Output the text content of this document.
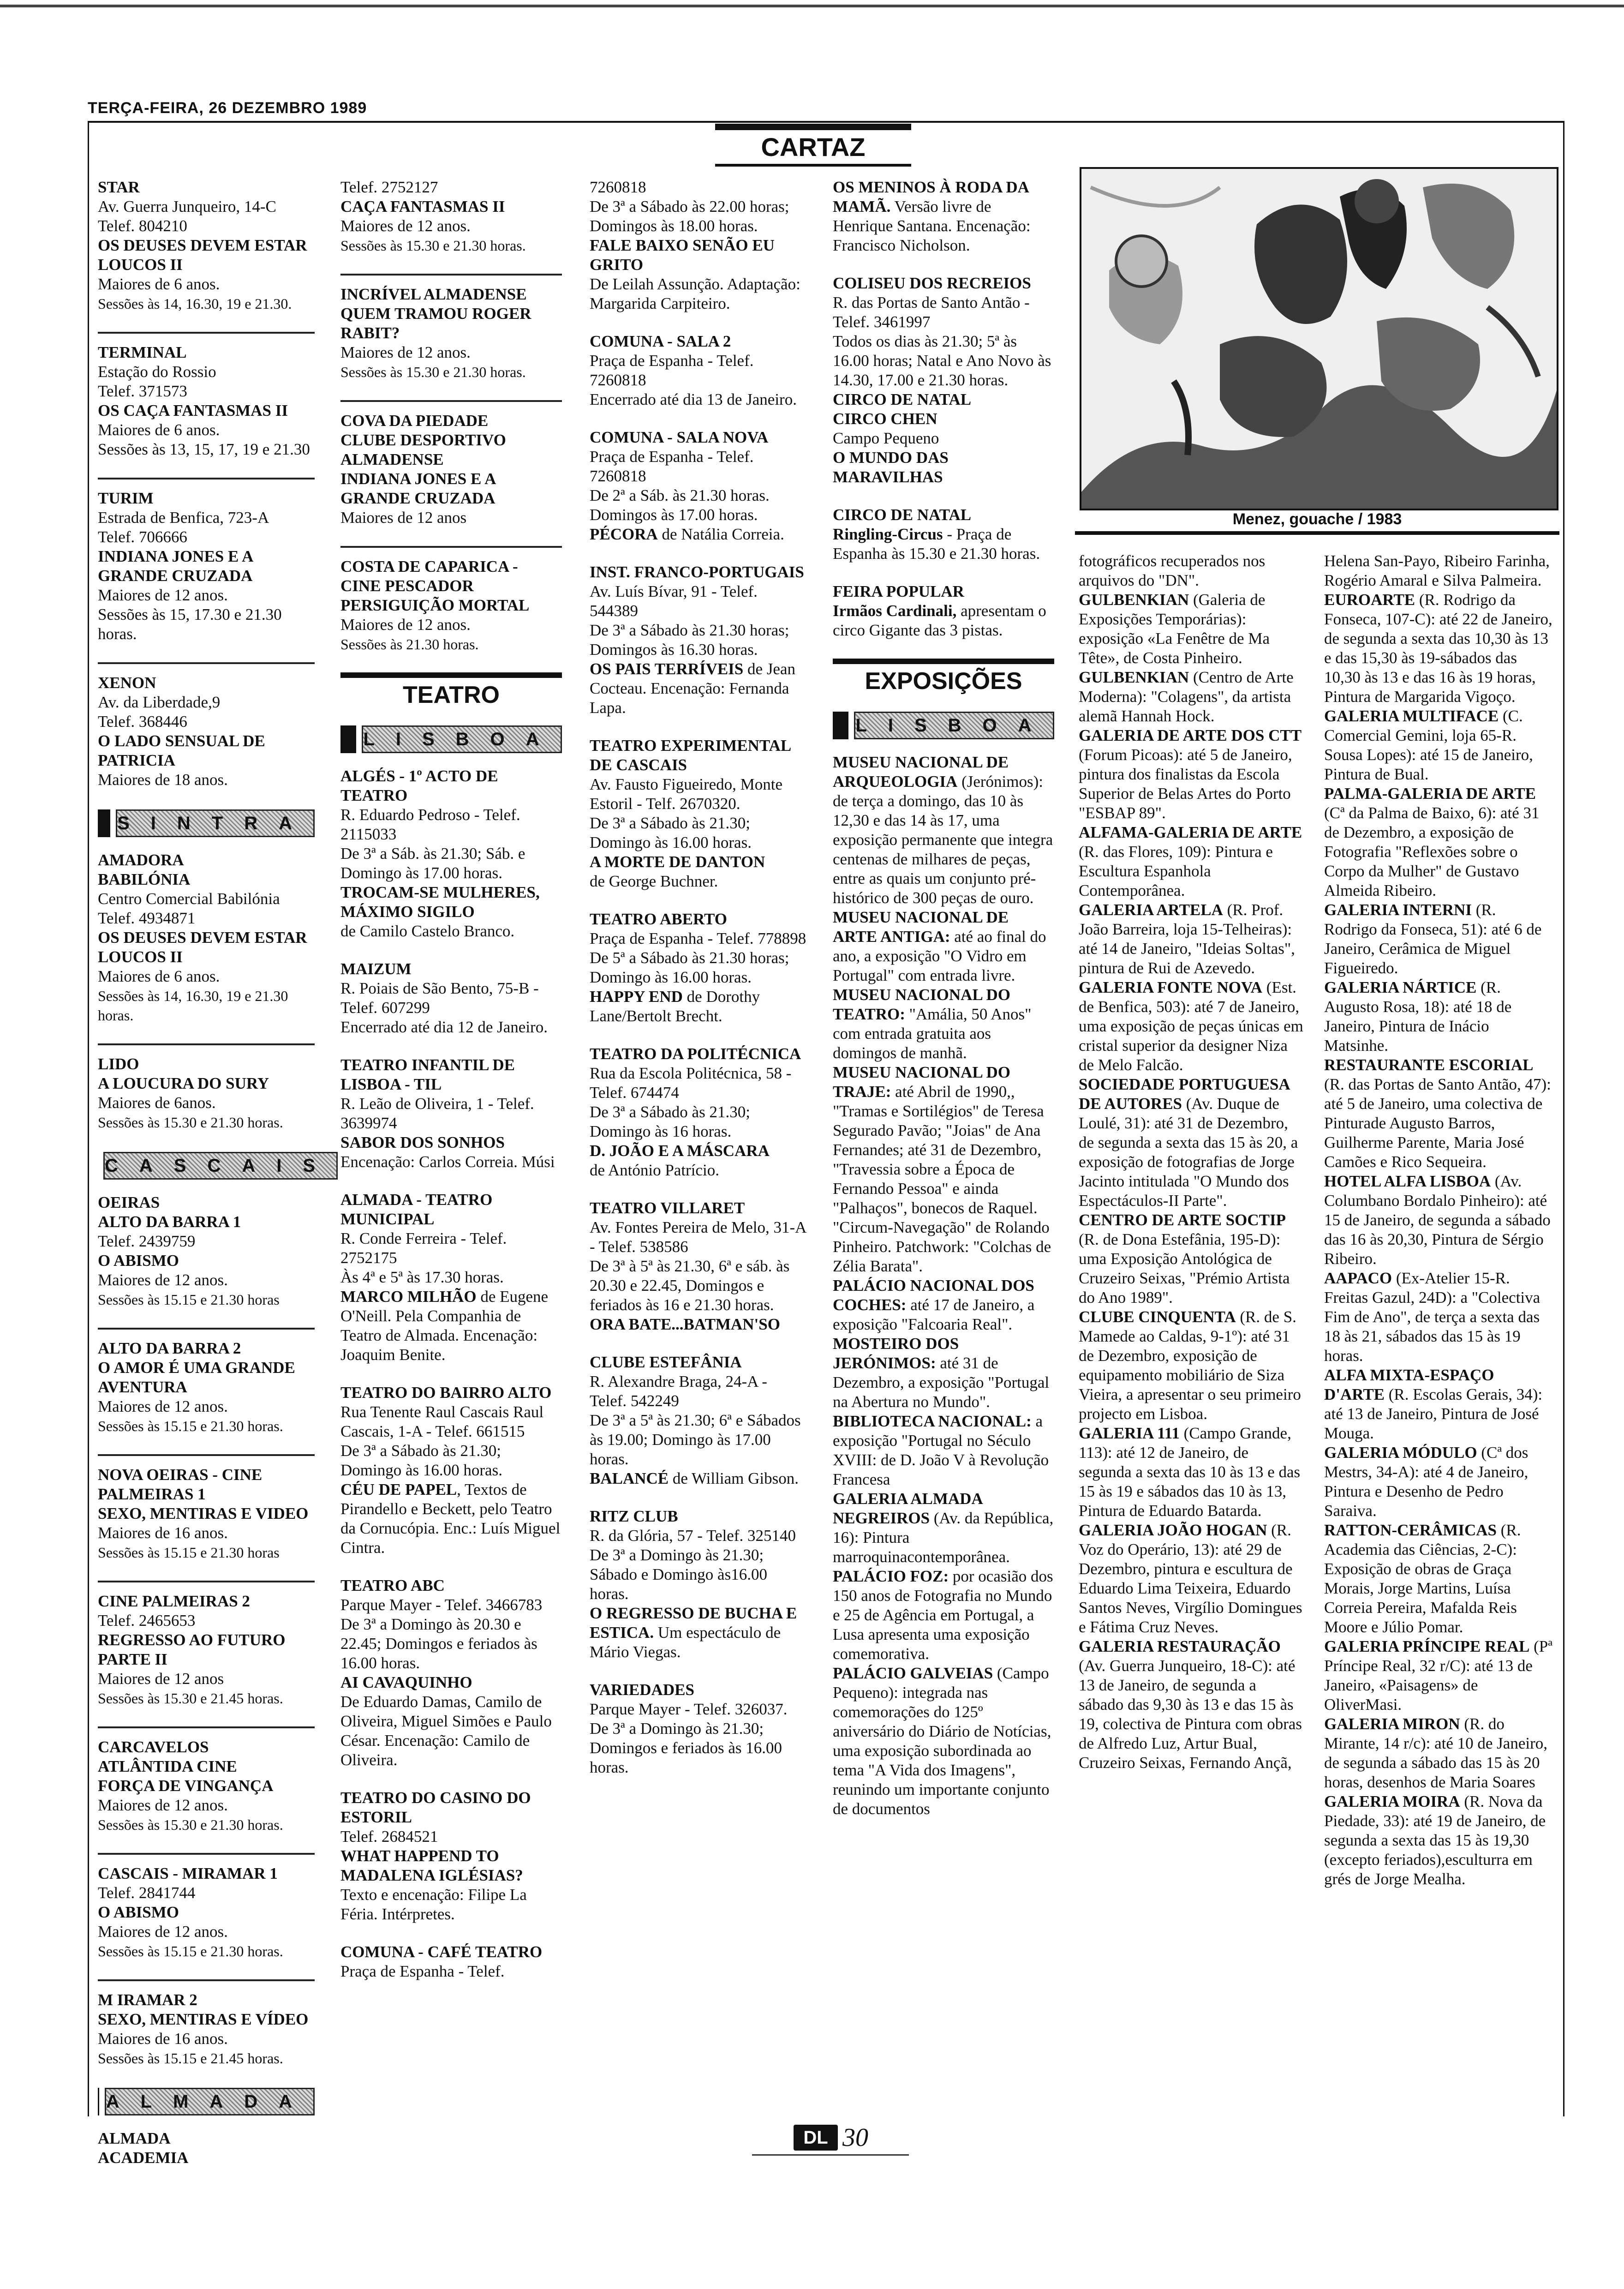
TERÇA-FEIRA, 26 DEZEMBRO 1989
CARTAZ

STAR
Av. Guerra Junqueiro, 14-C
Telef. 804210
OS DEUSES DEVEM ESTAR LOUCOS II
Maiores de 6 anos.
Sessões às 14, 16.30, 19 e 21.30.

TERMINAL
Estação do Rossio
Telef. 371573
OS CAÇA FANTASMAS II
Maiores de 6 anos.
Sessões às 13, 15, 17, 19 e 21.30

TURIM
Estrada de Benfica, 723-A
Telef. 706666
INDIANA JONES E A GRANDE CRUZADA
Maiores de 12 anos.
Sessões às 15, 17.30 e 21.30 horas.

XENON
Av. da Liberdade,9
Telef. 368446
O LADO SENSUAL DE PATRICIA
Maiores de 18 anos.

SINTRA

AMADORA
BABILÓNIA
Centro Comercial Babilónia
Telef. 4934871
OS DEUSES DEVEM ESTAR LOUCOS II
Maiores de 6 anos.
Sessões às 14, 16.30, 19 e 21.30 horas.

LIDO
A LOUCURA DO SURY
Maiores de 6anos.
Sessões às 15.30 e 21.30 horas.

CASCAIS

OEIRAS
ALTO DA BARRA 1
Telef. 2439759
O ABISMO
Maiores de 12 anos.
Sessões às 15.15 e 21.30 horas

ALTO DA BARRA 2
O AMOR É UMA GRANDE AVENTURA
Maiores de 12 anos.
Sessões às 15.15 e 21.30 horas.

NOVA OEIRAS - CINE PALMEIRAS 1
SEXO, MENTIRAS E VIDEO
Maiores de 16 anos.
Sessões às 15.15 e 21.30 horas

CINE PALMEIRAS 2
Telef. 2465653
REGRESSO AO FUTURO PARTE II
Maiores de 12 anos
Sessões às 15.30 e 21.45 horas.

CARCAVELOS
ATLÂNTIDA CINE
FORÇA DE VINGANÇA
Maiores de 12 anos.
Sessões às 15.30 e 21.30 horas.

CASCAIS - MIRAMAR 1
Telef. 2841744
O ABISMO
Maiores de 12 anos.
Sessões às 15.15 e 21.30 horas.

M IRAMAR 2
SEXO, MENTIRAS E VÍDEO
Maiores de 16 anos.
Sessões às 15.15 e 21.45 horas.

ALMADA

ALMADA
ACADEMIA

Telef. 2752127
CAÇA FANTASMAS II
Maiores de 12 anos.
Sessões às 15.30 e 21.30 horas.

INCRÍVEL ALMADENSE
QUEM TRAMOU ROGER RABIT?
Maiores de 12 anos.
Sessões às 15.30 e 21.30 horas.

COVA DA PIEDADE
CLUBE DESPORTIVO ALMADENSE
INDIANA JONES E A GRANDE CRUZADA
Maiores de 12 anos

COSTA DE CAPARICA - CINE PESCADOR
PERSIGUIÇÃO MORTAL
Maiores de 12 anos.
Sessões às 21.30 horas.

TEATRO
LISBOA

ALGÉS - 1º ACTO DE TEATRO
R. Eduardo Pedroso - Telef. 2115033
De 3ª a Sáb. às 21.30; Sáb. e Domingo às 17.00 horas.
TROCAM-SE MULHERES, MÁXIMO SIGILO
de Camilo Castelo Branco.

MAIZUM
R. Poiais de São Bento, 75-B - Telef. 607299
Encerrado até dia 12 de Janeiro.

TEATRO INFANTIL DE LISBOA - TIL
R. Leão de Oliveira, 1 - Telef. 3639974
SABOR DOS SONHOS
Encenação: Carlos Correia. Músi

ALMADA - TEATRO MUNICIPAL
R. Conde Ferreira - Telef. 2752175
Às 4ª e 5ª às 17.30 horas.
MARCO MILHÃO de Eugene O'Neill. Pela Companhia de Teatro de Almada. Encenação: Joaquim Benite.

TEATRO DO BAIRRO ALTO
Rua Tenente Raul Cascais Raul Cascais, 1-A - Telef. 661515
De 3ª a Sábado às 21.30; Domingo às 16.00 horas.
CÉU DE PAPEL, Textos de Pirandello e Beckett, pelo Teatro da Cornucópia. Enc.: Luís Miguel Cintra.

TEATRO ABC
Parque Mayer - Telef. 3466783
De 3ª a Domingo às 20.30 e 22.45; Domingos e feriados às 16.00 horas.
AI CAVAQUINHO
De Eduardo Damas, Camilo de Oliveira, Miguel Simões e Paulo César. Encenação: Camilo de Oliveira.

TEATRO DO CASINO DO ESTORIL
Telef. 2684521
WHAT HAPPEND TO MADALENA IGLÉSIAS?
Texto e encenação: Filipe La Féria. Intérpretes.

COMUNA - CAFÉ TEATRO
Praça de Espanha - Telef.

7260818
De 3ª a Sábado às 22.00 horas; Domingos às 18.00 horas.
FALE BAIXO SENÃO EU GRITO
De Leilah Assunção. Adaptação: Margarida Carpiteiro.

COMUNA - SALA 2
Praça de Espanha - Telef. 7260818
Encerrado até dia 13 de Janeiro.

COMUNA - SALA NOVA
Praça de Espanha - Telef. 7260818
De 2ª a Sáb. às 21.30 horas. Domingos às 17.00 horas.
PÉCORA de Natália Correia.

INST. FRANCO-PORTUGAIS
Av. Luís Bívar, 91 - Telef. 544389
De 3ª a Sábado às 21.30 horas; Domingos às 16.30 horas.
OS PAIS TERRÍVEIS de Jean Cocteau. Encenação: Fernanda Lapa.

TEATRO EXPERIMENTAL DE CASCAIS
Av. Fausto Figueiredo, Monte Estoril - Telf. 2670320.
De 3ª a Sábado às 21.30; Domingo às 16.00 horas.
A MORTE DE DANTON
de George Buchner.

TEATRO ABERTO
Praça de Espanha - Telef. 778898
De 5ª a Sábado às 21.30 horas; Domingo às 16.00 horas.
HAPPY END de Dorothy Lane/Bertolt Brecht.

TEATRO DA POLITÉCNICA
Rua da Escola Politécnica, 58 - Telef. 674474
De 3ª a Sábado às 21.30; Domingo às 16 horas.
D. JOÃO E A MÁSCARA
de António Patrício.

TEATRO VILLARET
Av. Fontes Pereira de Melo, 31-A - Telef. 538586
De 3ª à 5ª às 21.30, 6ª e sáb. às 20.30 e 22.45, Domingos e feriados às 16 e 21.30 horas.
ORA BATE...BATMAN'SO

CLUBE ESTEFÂNIA
R. Alexandre Braga, 24-A - Telef. 542249
De 3ª a 5ª às 21.30; 6ª e Sábados às 19.00; Domingo às 17.00 horas.
BALANCÉ de William Gibson.

RITZ CLUB
R. da Glória, 57 - Telef. 325140
De 3ª a Domingo às 21.30; Sábado e Domingo às16.00 horas.
O REGRESSO DE BUCHA E ESTICA. Um espectáculo de Mário Viegas.

VARIEDADES
Parque Mayer - Telef. 326037.
De 3ª a Domingo às 21.30; Domingos e feriados às 16.00 horas.

OS MENINOS À RODA DA MAMÃ. Versão livre de Henrique Santana. Encenação: Francisco Nicholson.

COLISEU DOS RECREIOS
R. das Portas de Santo Antão - Telef. 3461997
Todos os dias às 21.30; 5ª às 16.00 horas; Natal e Ano Novo às 14.30, 17.00 e 21.30 horas.
CIRCO DE NATAL
CIRCO CHEN
Campo Pequeno
O MUNDO DAS MARAVILHAS

CIRCO DE NATAL
Ringling-Circus - Praça de Espanha às 15.30 e 21.30 horas.

FEIRA POPULAR
Irmãos Cardinali, apresentam o circo Gigante das 3 pistas.

EXPOSIÇÕES
LISBOA
MUSEU NACIONAL DE ARQUEOLOGIA (Jerónimos): de terça a domingo, das 10 às 12,30 e das 14 às 17, uma exposição permanente que integra centenas de milhares de peças, entre as quais um conjunto pré-histórico de 300 peças de ouro.
MUSEU NACIONAL DE ARTE ANTIGA: até ao final do ano, a exposição "O Vidro em Portugal" com entrada livre.
MUSEU NACIONAL DO TEATRO: "Amália, 50 Anos" com entrada gratuita aos domingos de manhã.
MUSEU NACIONAL DO TRAJE: até Abril de 1990,, "Tramas e Sortilégios" de Teresa Segurado Pavão; "Joias" de Ana Fernandes; até 31 de Dezembro, "Travessia sobre a Época de Fernando Pessoa" e ainda "Palhaços", bonecos de Raquel. "Circum-Navegação" de Rolando Pinheiro. Patchwork: "Colchas de Zélia Barata".
PALÁCIO NACIONAL DOS COCHES: até 17 de Janeiro, a exposição "Falcoaria Real".
MOSTEIRO DOS JERÓNIMOS: até 31 de Dezembro, a exposição "Portugal na Abertura no Mundo".
BIBLIOTECA NACIONAL: a exposição "Portugal no Século XVIII: de D. João V à Revolução Francesa
GALERIA ALMADA NEGREIROS (Av. da República, 16): Pintura marroquinacontemporânea.
PALÁCIO FOZ: por ocasião dos 150 anos de Fotografia no Mundo e 25 de Agência em Portugal, a Lusa apresenta uma exposição comemorativa.
PALÁCIO GALVEIAS (Campo Pequeno): integrada nas comemorações do 125º aniversário do Diário de Notícias, uma exposição subordinada ao tema "A Vida dos Imagens", reunindo um importante conjunto de documentos
Menez, gouache / 1983
fotográficos recuperados nos arquivos do "DN".
GULBENKIAN (Galeria de Exposições Temporárias): exposição «La Fenêtre de Ma Tête», de Costa Pinheiro.
GULBENKIAN (Centro de Arte Moderna): "Colagens", da artista alemã Hannah Hock.
GALERIA DE ARTE DOS CTT (Forum Picoas): até 5 de Janeiro, pintura dos finalistas da Escola Superior de Belas Artes do Porto "ESBAP 89".
ALFAMA-GALERIA DE ARTE (R. das Flores, 109): Pintura e Escultura Espanhola Contemporânea.
GALERIA ARTELA (R. Prof. João Barreira, loja 15-Telheiras): até 14 de Janeiro, "Ideias Soltas", pintura de Rui de Azevedo.
GALERIA FONTE NOVA (Est. de Benfica, 503): até 7 de Janeiro, uma exposição de peças únicas em cristal superior da designer Niza de Melo Falcão.
SOCIEDADE PORTUGUESA DE AUTORES (Av. Duque de Loulé, 31): até 31 de Dezembro, de segunda a sexta das 15 às 20, a exposição de fotografias de Jorge Jacinto intitulada "O Mundo dos Espectáculos-II Parte".
CENTRO DE ARTE SOCTIP (R. de Dona Estefânia, 195-D): uma Exposição Antológica de Cruzeiro Seixas, "Prémio Artista do Ano 1989".
CLUBE CINQUENTA (R. de S. Mamede ao Caldas, 9-1º): até 31 de Dezembro, exposição de equipamento mobiliário de Siza Vieira, a apresentar o seu primeiro projecto em Lisboa.
GALERIA 111 (Campo Grande, 113): até 12 de Janeiro, de segunda a sexta das 10 às 13 e das 15 às 19 e sábados das 10 às 13, Pintura de Eduardo Batarda.
GALERIA JOÃO HOGAN (R. Voz do Operário, 13): até 29 de Dezembro, pintura e escultura de Eduardo Lima Teixeira, Eduardo Santos Neves, Virgílio Domingues e Fátima Cruz Neves.
GALERIA RESTAURAÇÃO (Av. Guerra Junqueiro, 18-C): até 13 de Janeiro, de segunda a sábado das 9,30 às 13 e das 15 às 19, colectiva de Pintura com obras de Alfredo Luz, Artur Bual, Cruzeiro Seixas, Fernando Ançã,
Helena San-Payo, Ribeiro Farinha, Rogério Amaral e Silva Palmeira.
EUROARTE (R. Rodrigo da Fonseca, 107-C): até 22 de Janeiro, de segunda a sexta das 10,30 às 13 e das 15,30 às 19-sábados das 10,30 às 13 e das 16 às 19 horas, Pintura de Margarida Vigoço.
GALERIA MULTIFACE (C. Comercial Gemini, loja 65-R. Sousa Lopes): até 15 de Janeiro, Pintura de Bual.
PALMA-GALERIA DE ARTE (Cª da Palma de Baixo, 6): até 31 de Dezembro, a exposição de Fotografia "Reflexões sobre o Corpo da Mulher" de Gustavo Almeida Ribeiro.
GALERIA INTERNI (R. Rodrigo da Fonseca, 51): até 6 de Janeiro, Cerâmica de Miguel Figueiredo.
GALERIA NÁRTICE (R. Augusto Rosa, 18): até 18 de Janeiro, Pintura de Inácio Matsinhe.
RESTAURANTE ESCORIAL (R. das Portas de Santo Antão, 47): até 5 de Janeiro, uma colectiva de Pinturade Augusto Barros, Guilherme Parente, Maria José Camões e Rico Sequeira.
HOTEL ALFA LISBOA (Av. Columbano Bordalo Pinheiro): até 15 de Janeiro, de segunda a sábado das 16 às 20,30, Pintura de Sérgio Ribeiro.
AAPACO (Ex-Atelier 15-R. Freitas Gazul, 24D): a "Colectiva Fim de Ano", de terça a sexta das 18 às 21, sábados das 15 às 19 horas.
ALFA MIXTA-ESPAÇO D'ARTE (R. Escolas Gerais, 34): até 13 de Janeiro, Pintura de José Mouga.
GALERIA MÓDULO (Cª dos Mestrs, 34-A): até 4 de Janeiro, Pintura e Desenho de Pedro Saraiva.
RATTON-CERÂMICAS (R. Academia das Ciências, 2-C): Exposição de obras de Graça Morais, Jorge Martins, Luísa Correia Pereira, Mafalda Reis Moore e Júlio Pomar.
GALERIA PRÍNCIPE REAL (Pª Príncipe Real, 32 r/C): até 13 de Janeiro, «Paisagens» de OliverMasi.
GALERIA MIRON (R. do Mirante, 14 r/c): até 10 de Janeiro, de segunda a sábado das 15 às 20 horas, desenhos de Maria Soares
GALERIA MOIRA (R. Nova da Piedade, 33): até 19 de Janeiro, de segunda a sexta das 15 às 19,30 (excepto feriados),esculturra em grés de Jorge Mealha.
DL 30
